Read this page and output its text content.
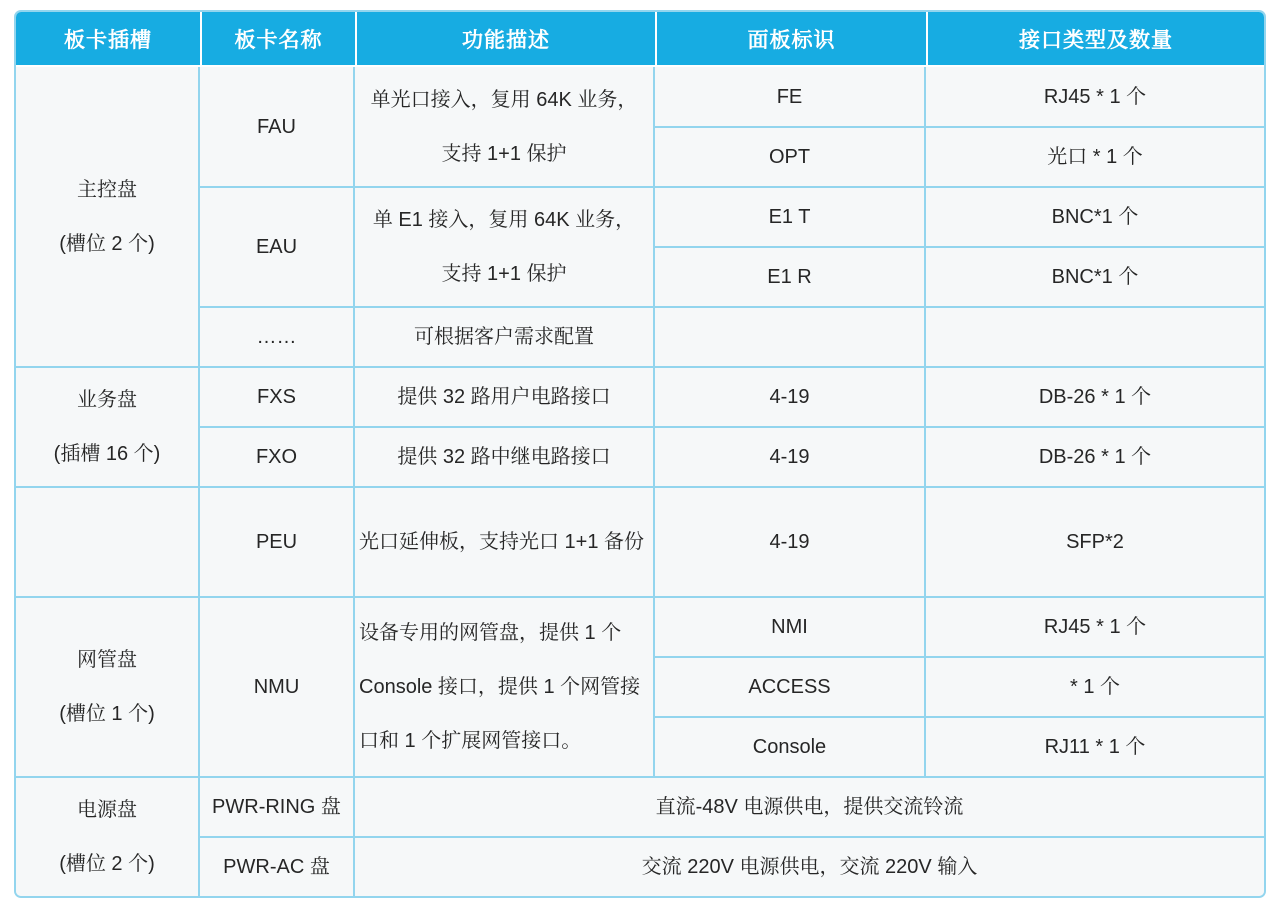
板卡插槽	板卡名称	功能描述	面板标识	接口类型及数量

主控盘
(槽位 2 个)	FAU	单光口接入，复用 64K 业务，支持 1+1 保护	FE	RJ45 * 1 个
			OPT	光口 * 1 个
	EAU	单 E1 接入，复用 64K 业务，支持 1+1 保护	E1 T	BNC*1 个
			E1 R	BNC*1 个
	……	可根据客户需求配置		

业务盘
(插槽 16 个)	FXS	提供 32 路用户电路接口	4-19	DB-26 * 1 个
	FXO	提供 32 路中继电路接口	4-19	DB-26 * 1 个
	PEU	光口延伸板，支持光口 1+1 备份	4-19	SFP*2

网管盘
(槽位 1 个)	NMU	设备专用的网管盘，提供 1 个 Console 接口，提供 1 个网管接口和 1 个扩展网管接口。	NMI	RJ45 * 1 个
			ACCESS	* 1 个
			Console	RJ11 * 1 个

电源盘
(槽位 2 个)	PWR-RING 盘	直流-48V 电源供电，提供交流铃流		
	PWR-AC 盘	交流 220V 电源供电，交流 220V 输入		
